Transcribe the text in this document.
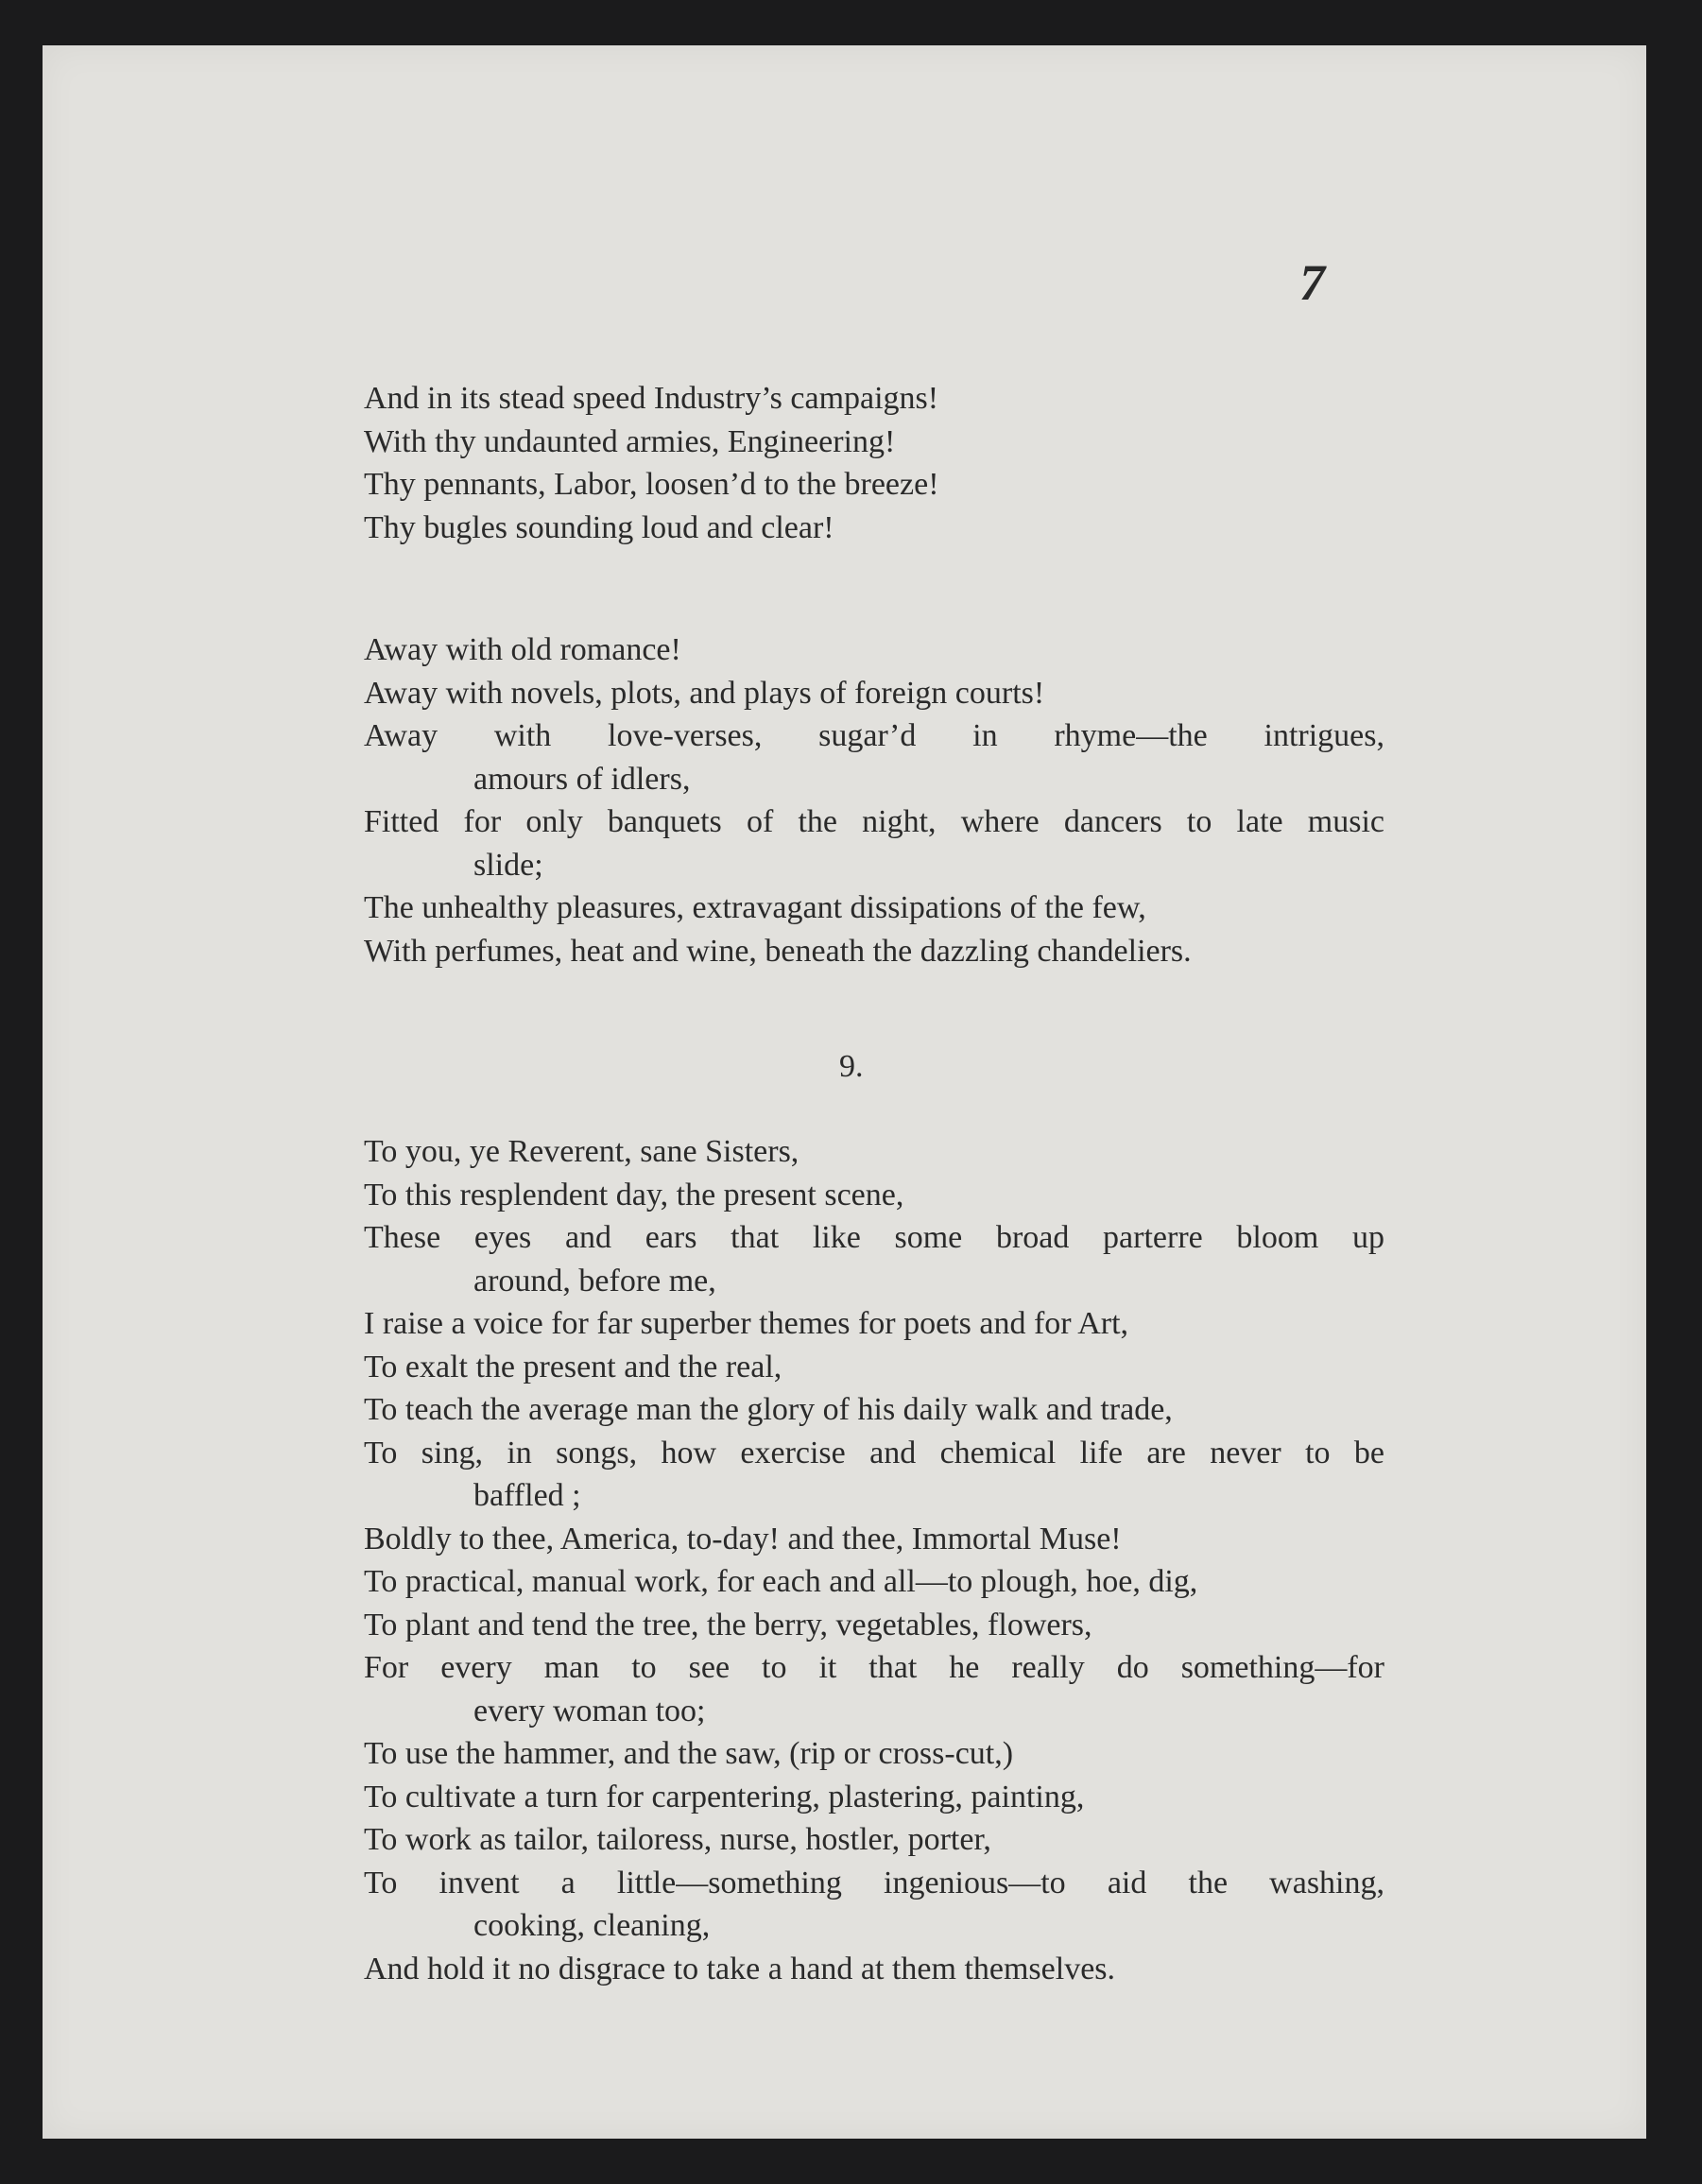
7
And in its stead speed Industry’s campaigns!
With thy undaunted armies, Engineering!
Thy pennants, Labor, loosen’d to the breeze!
Thy bugles sounding loud and clear!
Away with old romance!
Away with novels, plots, and plays of foreign courts!
Away with love-verses, sugar’d in rhyme—the intrigues,
amours of idlers,
Fitted for only banquets of the night, where dancers to late music
slide;
The unhealthy pleasures, extravagant dissipations of the few,
With perfumes, heat and wine, beneath the dazzling chandeliers.
9.
To you, ye Reverent, sane Sisters,
To this resplendent day, the present scene,
These eyes and ears that like some broad parterre bloom up
around, before me,
I raise a voice for far superber themes for poets and for Art,
To exalt the present and the real,
To teach the average man the glory of his daily walk and trade,
To sing, in songs, how exercise and chemical life are never to be
baffled ;
Boldly to thee, America, to-day! and thee, Immortal Muse!
To practical, manual work, for each and all—to plough, hoe, dig,
To plant and tend the tree, the berry, vegetables, flowers,
For every man to see to it that he really do something—for
every woman too;
To use the hammer, and the saw, (rip or cross-cut,)
To cultivate a turn for carpentering, plastering, painting,
To work as tailor, tailoress, nurse, hostler, porter,
To invent a little—something ingenious—to aid the washing,
cooking, cleaning,
And hold it no disgrace to take a hand at them themselves.
